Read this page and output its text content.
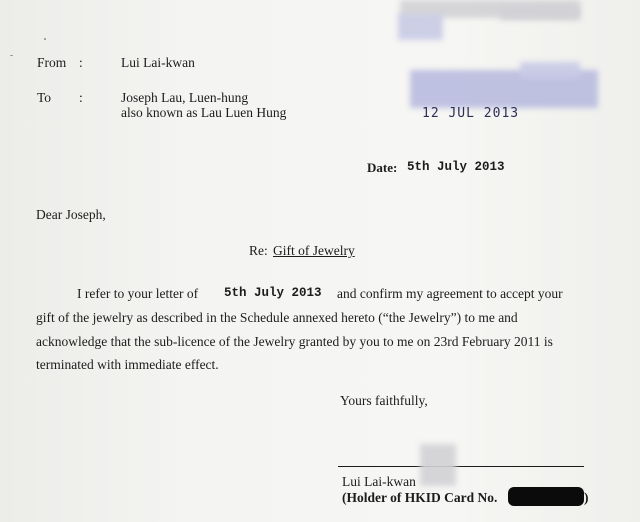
From :	Lui Lai-kwan
To :	Joseph Lau, Luen-hung
also known as Lau Luen Hung	12 JUL 2013
Date: 5th July 2013
Dear Joseph,
Re: Gift of Jewelry
I refer to your letter of 5th July 2013 and confirm my agreement to accept your
gift of the jewelry as described in the Schedule annexed hereto (“the Jewelry”) to me and
acknowledge that the sub-licence of the Jewelry granted by you to me on 23rd February 2011 is
terminated with immediate effect.
Yours faithfully,
Lui Lai-kwan
(Holder of HKID Card No.	)
